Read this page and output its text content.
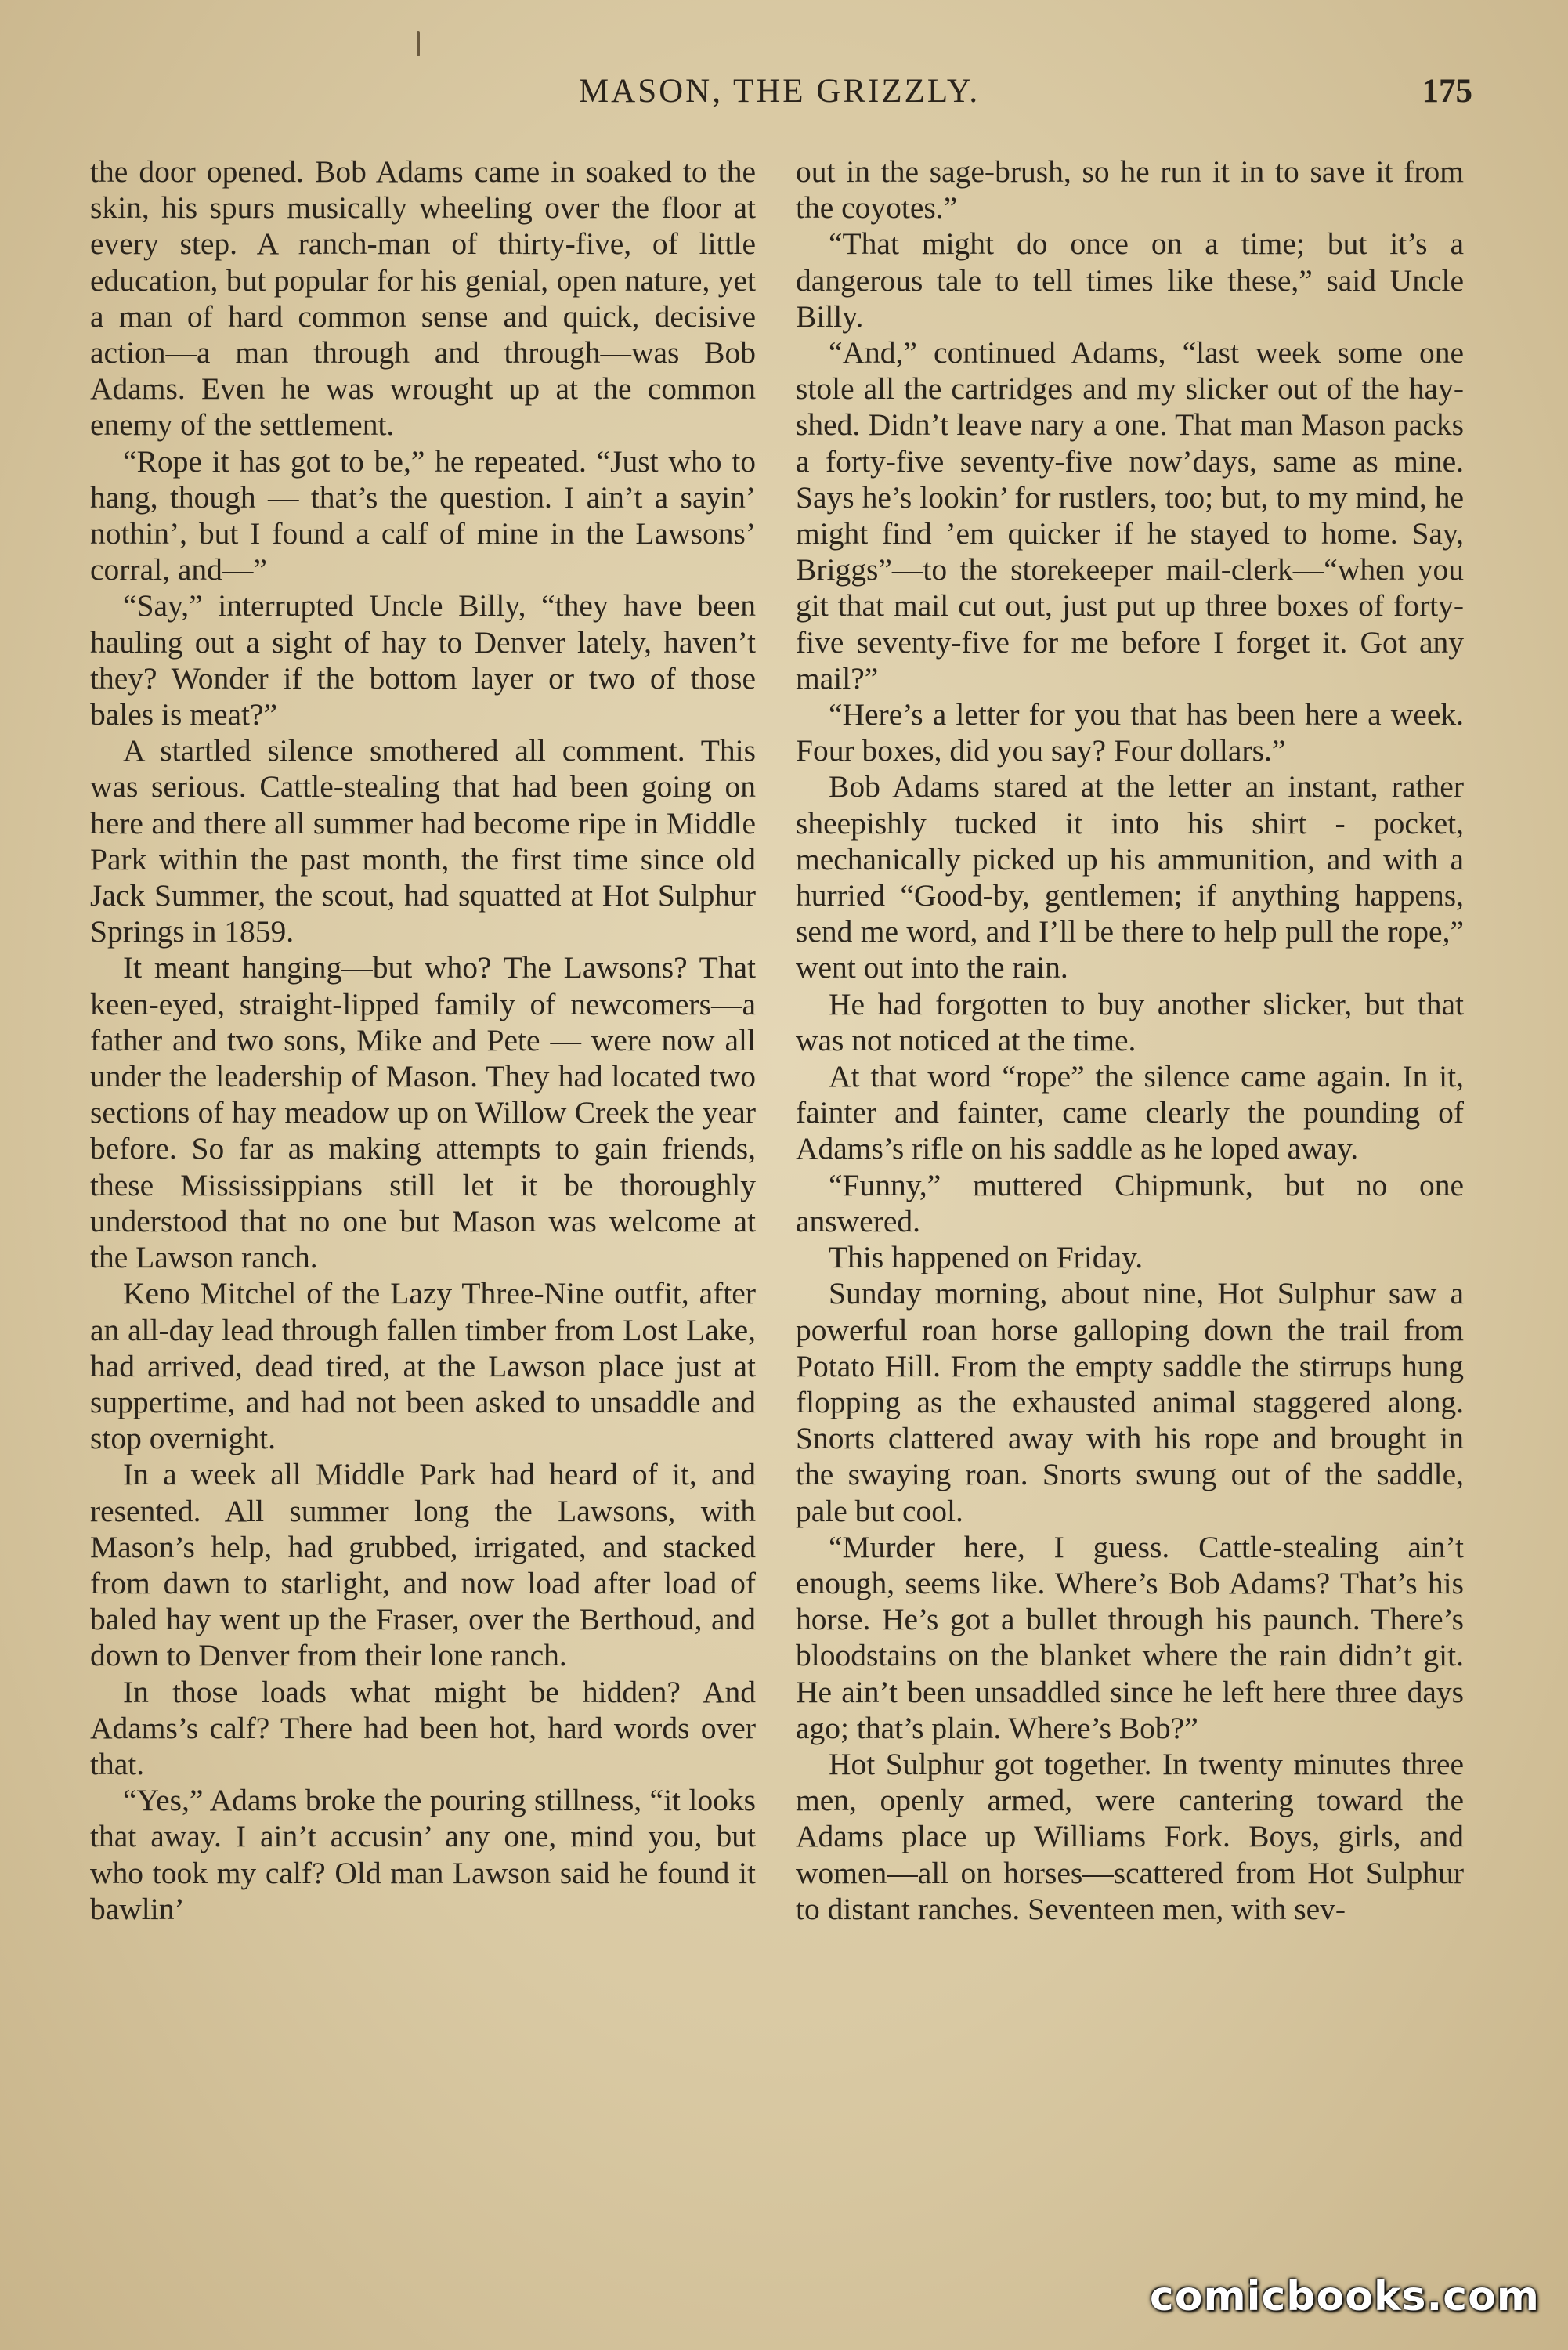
MASON, THE GRIZZLY.	175

the door opened. Bob Adams came in soaked to the skin, his spurs musically wheeling over the floor at every step. A ranch-man of thirty-five, of little education, but popular for his genial, open nature, yet a man of hard common sense and quick, decisive action—a man through and through—was Bob Adams. Even he was wrought up at the common enemy of the settlement.

“Rope it has got to be,” he repeated. “Just who to hang, though — that’s the question. I ain’t a sayin’ nothin’, but I found a calf of mine in the Lawsons’ corral, and—”

“Say,” interrupted Uncle Billy, “they have been hauling out a sight of hay to Denver lately, haven’t they? Wonder if the bottom layer or two of those bales is meat?”

A startled silence smothered all comment. This was serious. Cattle-stealing that had been going on here and there all summer had become ripe in Middle Park within the past month, the first time since old Jack Summer, the scout, had squatted at Hot Sulphur Springs in 1859.

It meant hanging—but who? The Lawsons? That keen-eyed, straight-lipped family of newcomers—a father and two sons, Mike and Pete — were now all under the leadership of Mason. They had located two sections of hay meadow up on Willow Creek the year before. So far as making attempts to gain friends, these Mississippians still let it be thoroughly understood that no one but Mason was welcome at the Lawson ranch.

Keno Mitchel of the Lazy Three-Nine outfit, after an all-day lead through fallen timber from Lost Lake, had arrived, dead tired, at the Lawson place just at suppertime, and had not been asked to unsaddle and stop overnight.

In a week all Middle Park had heard of it, and resented. All summer long the Lawsons, with Mason’s help, had grubbed, irrigated, and stacked from dawn to starlight, and now load after load of baled hay went up the Fraser, over the Berthoud, and down to Denver from their lone ranch.

In those loads what might be hidden? And Adams’s calf? There had been hot, hard words over that.

“Yes,” Adams broke the pouring stillness, “it looks that away. I ain’t accusin’ any one, mind you, but who took my calf? Old man Lawson said he found it bawlin’

out in the sage-brush, so he run it in to save it from the coyotes.”

“That might do once on a time; but it’s a dangerous tale to tell times like these,” said Uncle Billy.

“And,” continued Adams, “last week some one stole all the cartridges and my slicker out of the hay-shed. Didn’t leave nary a one. That man Mason packs a forty-five seventy-five now’days, same as mine. Says he’s lookin’ for rustlers, too; but, to my mind, he might find ’em quicker if he stayed to home. Say, Briggs”—to the storekeeper mail-clerk—“when you git that mail cut out, just put up three boxes of forty-five seventy-five for me before I forget it. Got any mail?”

“Here’s a letter for you that has been here a week. Four boxes, did you say? Four dollars.”

Bob Adams stared at the letter an instant, rather sheepishly tucked it into his shirt - pocket, mechanically picked up his ammunition, and with a hurried “Good-by, gentlemen; if anything happens, send me word, and I’ll be there to help pull the rope,” went out into the rain.

He had forgotten to buy another slicker, but that was not noticed at the time.

At that word “rope” the silence came again. In it, fainter and fainter, came clearly the pounding of Adams’s rifle on his saddle as he loped away.

“Funny,” muttered Chipmunk, but no one answered.

This happened on Friday.

Sunday morning, about nine, Hot Sulphur saw a powerful roan horse galloping down the trail from Potato Hill. From the empty saddle the stirrups hung flopping as the exhausted animal staggered along. Snorts clattered away with his rope and brought in the swaying roan. Snorts swung out of the saddle, pale but cool.

“Murder here, I guess. Cattle-stealing ain’t enough, seems like. Where’s Bob Adams? That’s his horse. He’s got a bullet through his paunch. There’s bloodstains on the blanket where the rain didn’t git. He ain’t been unsaddled since he left here three days ago; that’s plain. Where’s Bob?”

Hot Sulphur got together. In twenty minutes three men, openly armed, were cantering toward the Adams place up Williams Fork. Boys, girls, and women—all on horses—scattered from Hot Sulphur to distant ranches. Seventeen men, with sev-

comicbooks.com
